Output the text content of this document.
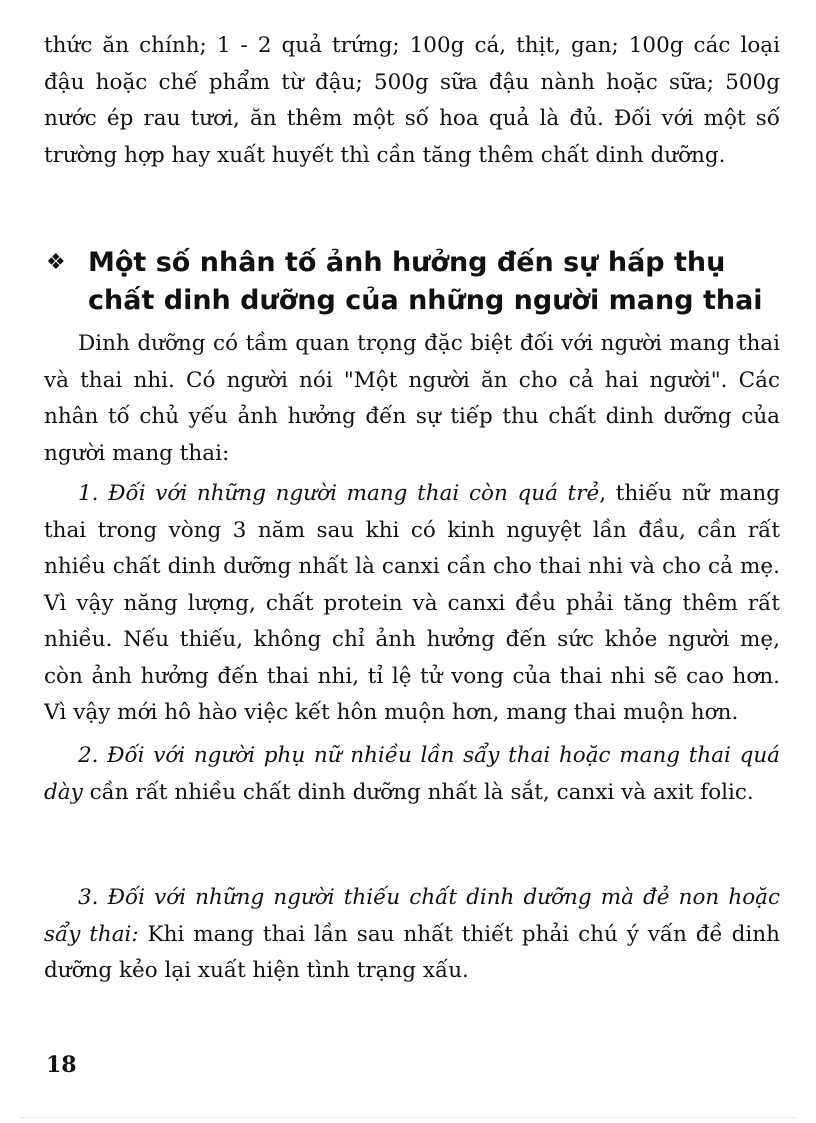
thức ăn chính; 1 - 2 quả trứng; 100g cá, thịt, gan; 100g các loại đậu hoặc chế phẩm từ đậu; 500g sữa đậu nành hoặc sữa; 500g nước ép rau tươi, ăn thêm một số hoa quả là đủ. Đối với một số trường hợp hay xuất huyết thì cần tăng thêm chất dinh dưỡng.

❖ Một số nhân tố ảnh hưởng đến sự hấp thụ chất dinh dưỡng của những người mang thai

Dinh dưỡng có tầm quan trọng đặc biệt đối với người mang thai và thai nhi. Có người nói "Một người ăn cho cả hai người". Các nhân tố chủ yếu ảnh hưởng đến sự tiếp thu chất dinh dưỡng của người mang thai:

1. Đối với những người mang thai còn quá trẻ, thiếu nữ mang thai trong vòng 3 năm sau khi có kinh nguyệt lần đầu, cần rất nhiều chất dinh dưỡng nhất là canxi cần cho thai nhi và cho cả mẹ. Vì vậy năng lượng, chất protein và canxi đều phải tăng thêm rất nhiều. Nếu thiếu, không chỉ ảnh hưởng đến sức khỏe người mẹ, còn ảnh hưởng đến thai nhi, tỉ lệ tử vong của thai nhi sẽ cao hơn. Vì vậy mới hô hào việc kết hôn muộn hơn, mang thai muộn hơn.

2. Đối với người phụ nữ nhiều lần sẩy thai hoặc mang thai quá dày cần rất nhiều chất dinh dưỡng nhất là sắt, canxi và axit folic.

3. Đối với những người thiếu chất dinh dưỡng mà đẻ non hoặc sẩy thai: Khi mang thai lần sau nhất thiết phải chú ý vấn đề dinh dưỡng kẻo lại xuất hiện tình trạng xấu.

18
